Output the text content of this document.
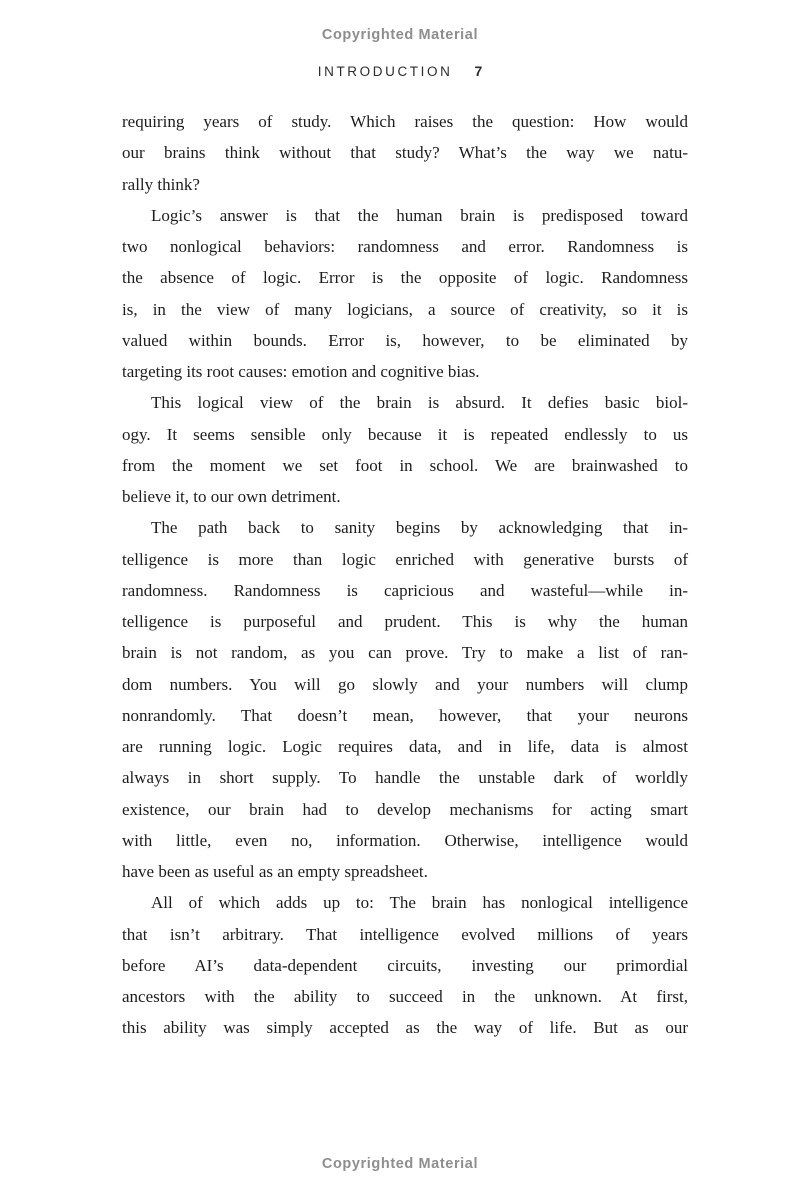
Copyrighted Material
INTRODUCTION 7
requiring years of study. Which raises the question: How would
our brains think without that study? What’s the way we natu-
rally think?
Logic’s answer is that the human brain is predisposed toward
two nonlogical behaviors: randomness and error. Randomness is
the absence of logic. Error is the opposite of logic. Randomness
is, in the view of many logicians, a source of creativity, so it is
valued within bounds. Error is, however, to be eliminated by
targeting its root causes: emotion and cognitive bias.
This logical view of the brain is absurd. It defies basic biol-
ogy. It seems sensible only because it is repeated endlessly to us
from the moment we set foot in school. We are brainwashed to
believe it, to our own detriment.
The path back to sanity begins by acknowledging that in-
telligence is more than logic enriched with generative bursts of
randomness. Randomness is capricious and wasteful—while in-
telligence is purposeful and prudent. This is why the human
brain is not random, as you can prove. Try to make a list of ran-
dom numbers. You will go slowly and your numbers will clump
nonrandomly. That doesn’t mean, however, that your neurons
are running logic. Logic requires data, and in life, data is almost
always in short supply. To handle the unstable dark of worldly
existence, our brain had to develop mechanisms for acting smart
with little, even no, information. Otherwise, intelligence would
have been as useful as an empty spreadsheet.
All of which adds up to: The brain has nonlogical intelligence
that isn’t arbitrary. That intelligence evolved millions of years
before AI’s data-dependent circuits, investing our primordial
ancestors with the ability to succeed in the unknown. At first,
this ability was simply accepted as the way of life. But as our
Copyrighted Material
